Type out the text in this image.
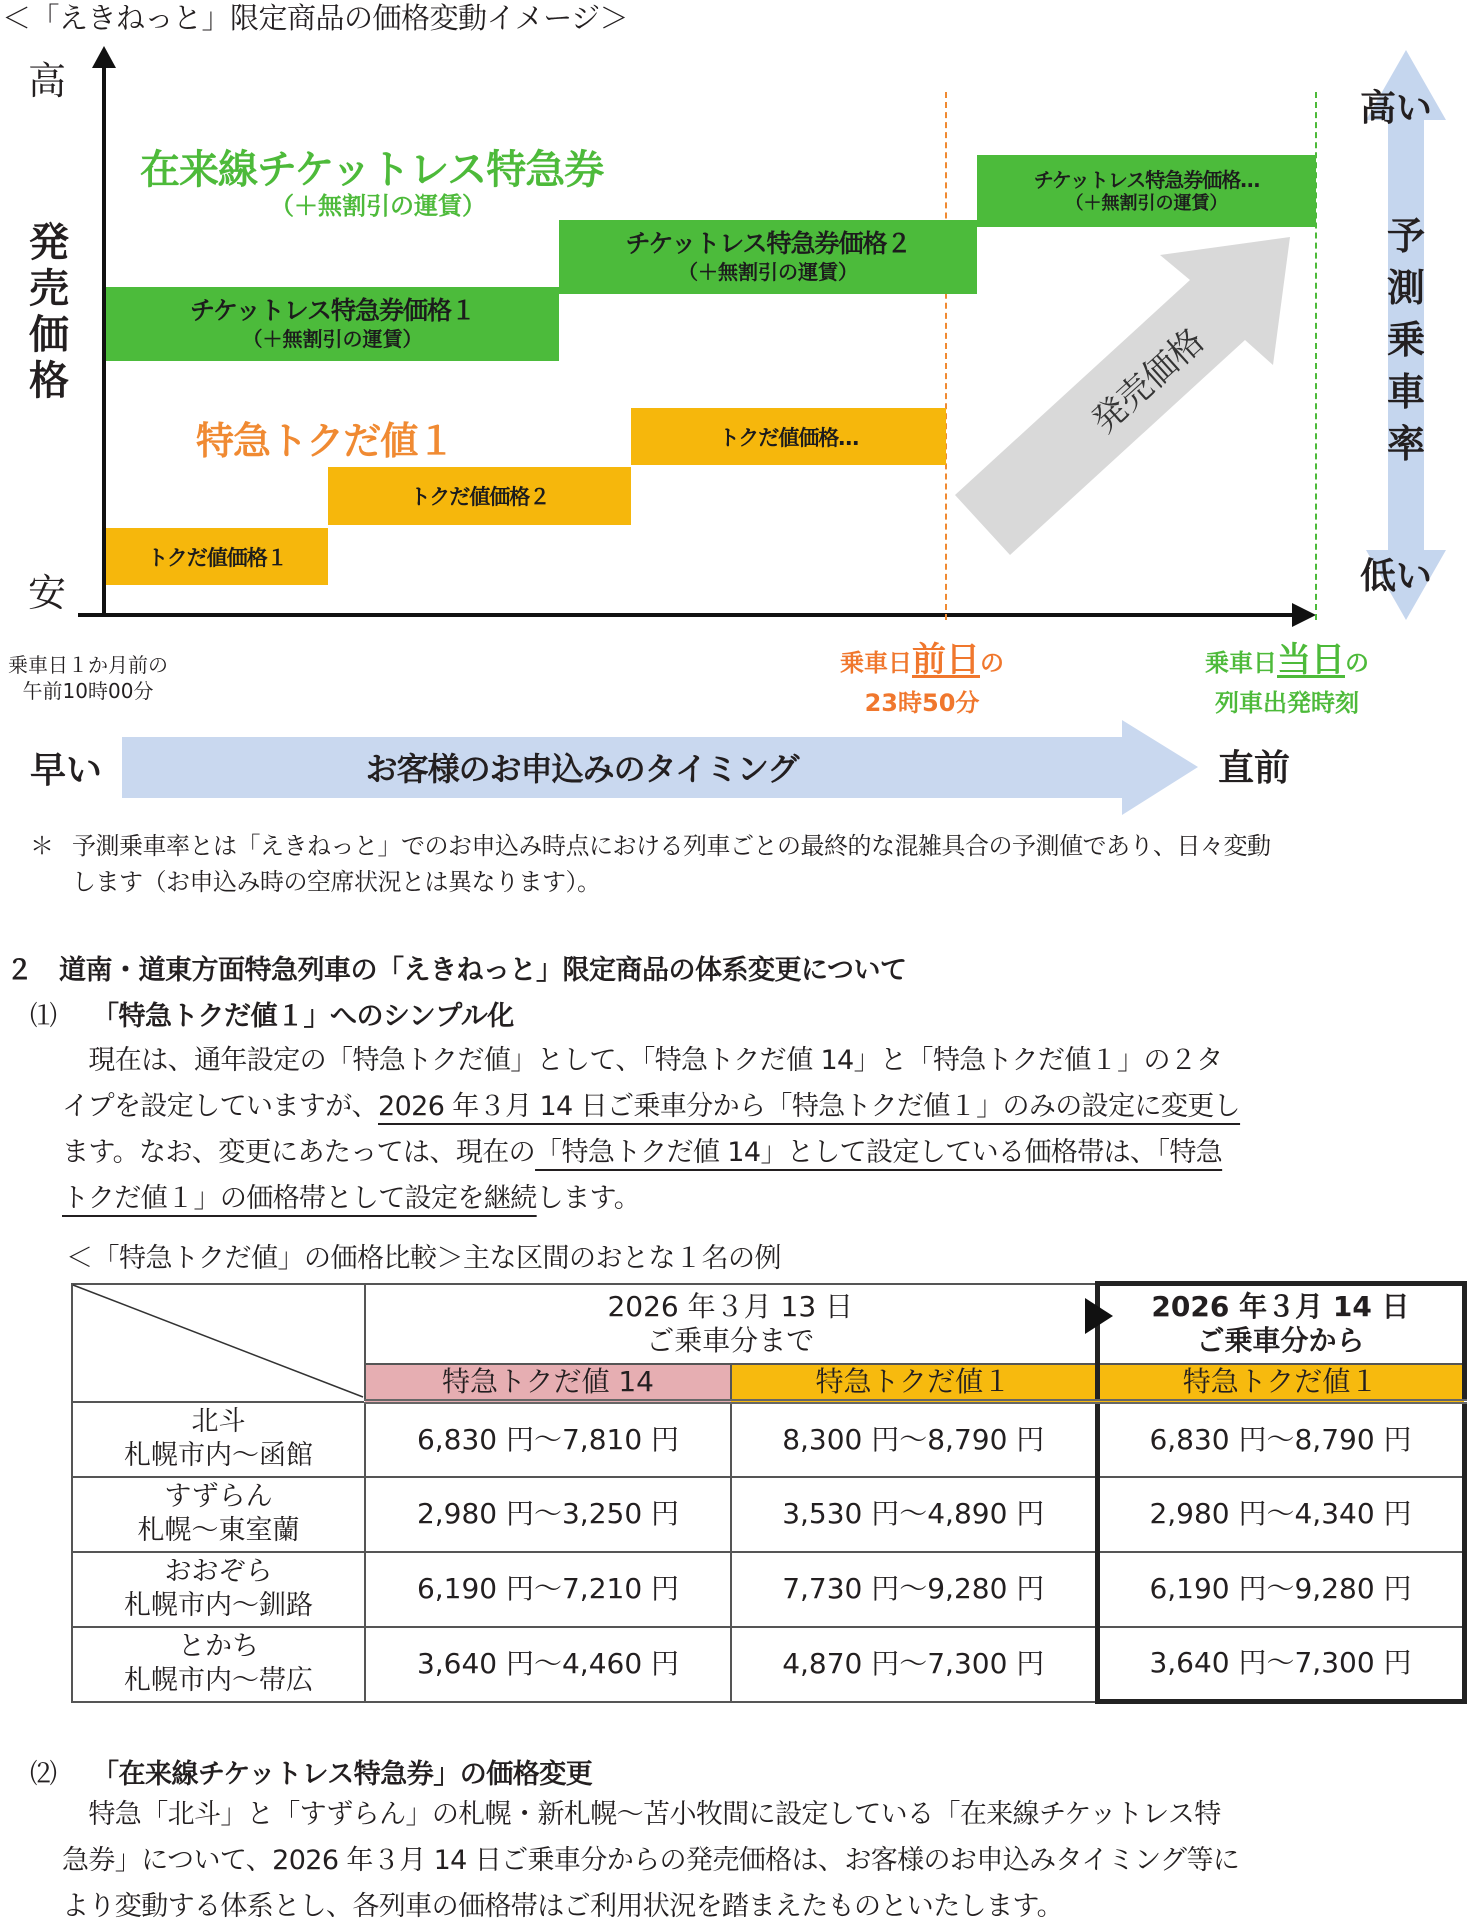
＜「えきねっと」限定商品の価格変動イメージ＞
高
安
発売価格
在来線チケットレス特急券
（＋無割引の運賃）
チケットレス特急券価格１
（＋無割引の運賃）
チケットレス特急券価格２
（＋無割引の運賃）
チケットレス特急券価格…
（＋無割引の運賃）
特急トクだ値１
トクだ値価格１
トクだ値価格２
トクだ値価格…	発売価格
高い
予
測
乗
車
率
低い
乗車日１か月前の
午前10時00分
乗車日前日の
23時50分
乗車日当日の
列車出発時刻
早い	お客様のお申込みのタイミング	直前
＊ 予測乗車率とは「えきねっと」でのお申込み時点における列車ごとの最終的な混雑具合の予測値であり、日々変動
します（お申込み時の空席状況とは異なります）。
２　道南・道東方面特急列車の「えきねっと」限定商品の体系変更について
⑴ 「特急トクだ値１」へのシンプル化

　現在は、通年設定の「特急トクだ値」として、「特急トクだ値 14」と「特急トクだ値１」の２タ

イプを設定していますが、2026 年３月 14 日ご乗車分から「特急トクだ値１」のみの設定に変更し

ます。なお、変更にあたっては、現在の「特急トクだ値 14」として設定している価格帯は、「特急

トクだ値１」の価格帯として設定を継続します。

＜「特急トクだ値」の価格比較＞主な区間のおとな１名の例

2026 年３月 13 日
ご乗車分まで

2026 年３月 14 日
ご乗車分から

	特急トクだ値 14	特急トクだ値１	特急トクだ値１

北斗
札幌市内～函館	6,830 円～7,810 円	8,300 円～8,790 円	6,830 円～8,790 円

すずらん
札幌～東室蘭	2,980 円～3,250 円	3,530 円～4,890 円	2,980 円～4,340 円

おおぞら
札幌市内～釧路	6,190 円～7,210 円	7,730 円～9,280 円	6,190 円～9,280 円

とかち
札幌市内～帯広	3,640 円～4,460 円	4,870 円～7,300 円	3,640 円～7,300 円
⑵ 「在来線チケットレス特急券」の価格変更

　特急「北斗」と「すずらん」の札幌・新札幌～苫小牧間に設定している「在来線チケットレス特

急券」について、2026 年３月 14 日ご乗車分からの発売価格は、お客様のお申込みタイミング等に

より変動する体系とし、各列車の価格帯はご利用状況を踏まえたものといたします。
